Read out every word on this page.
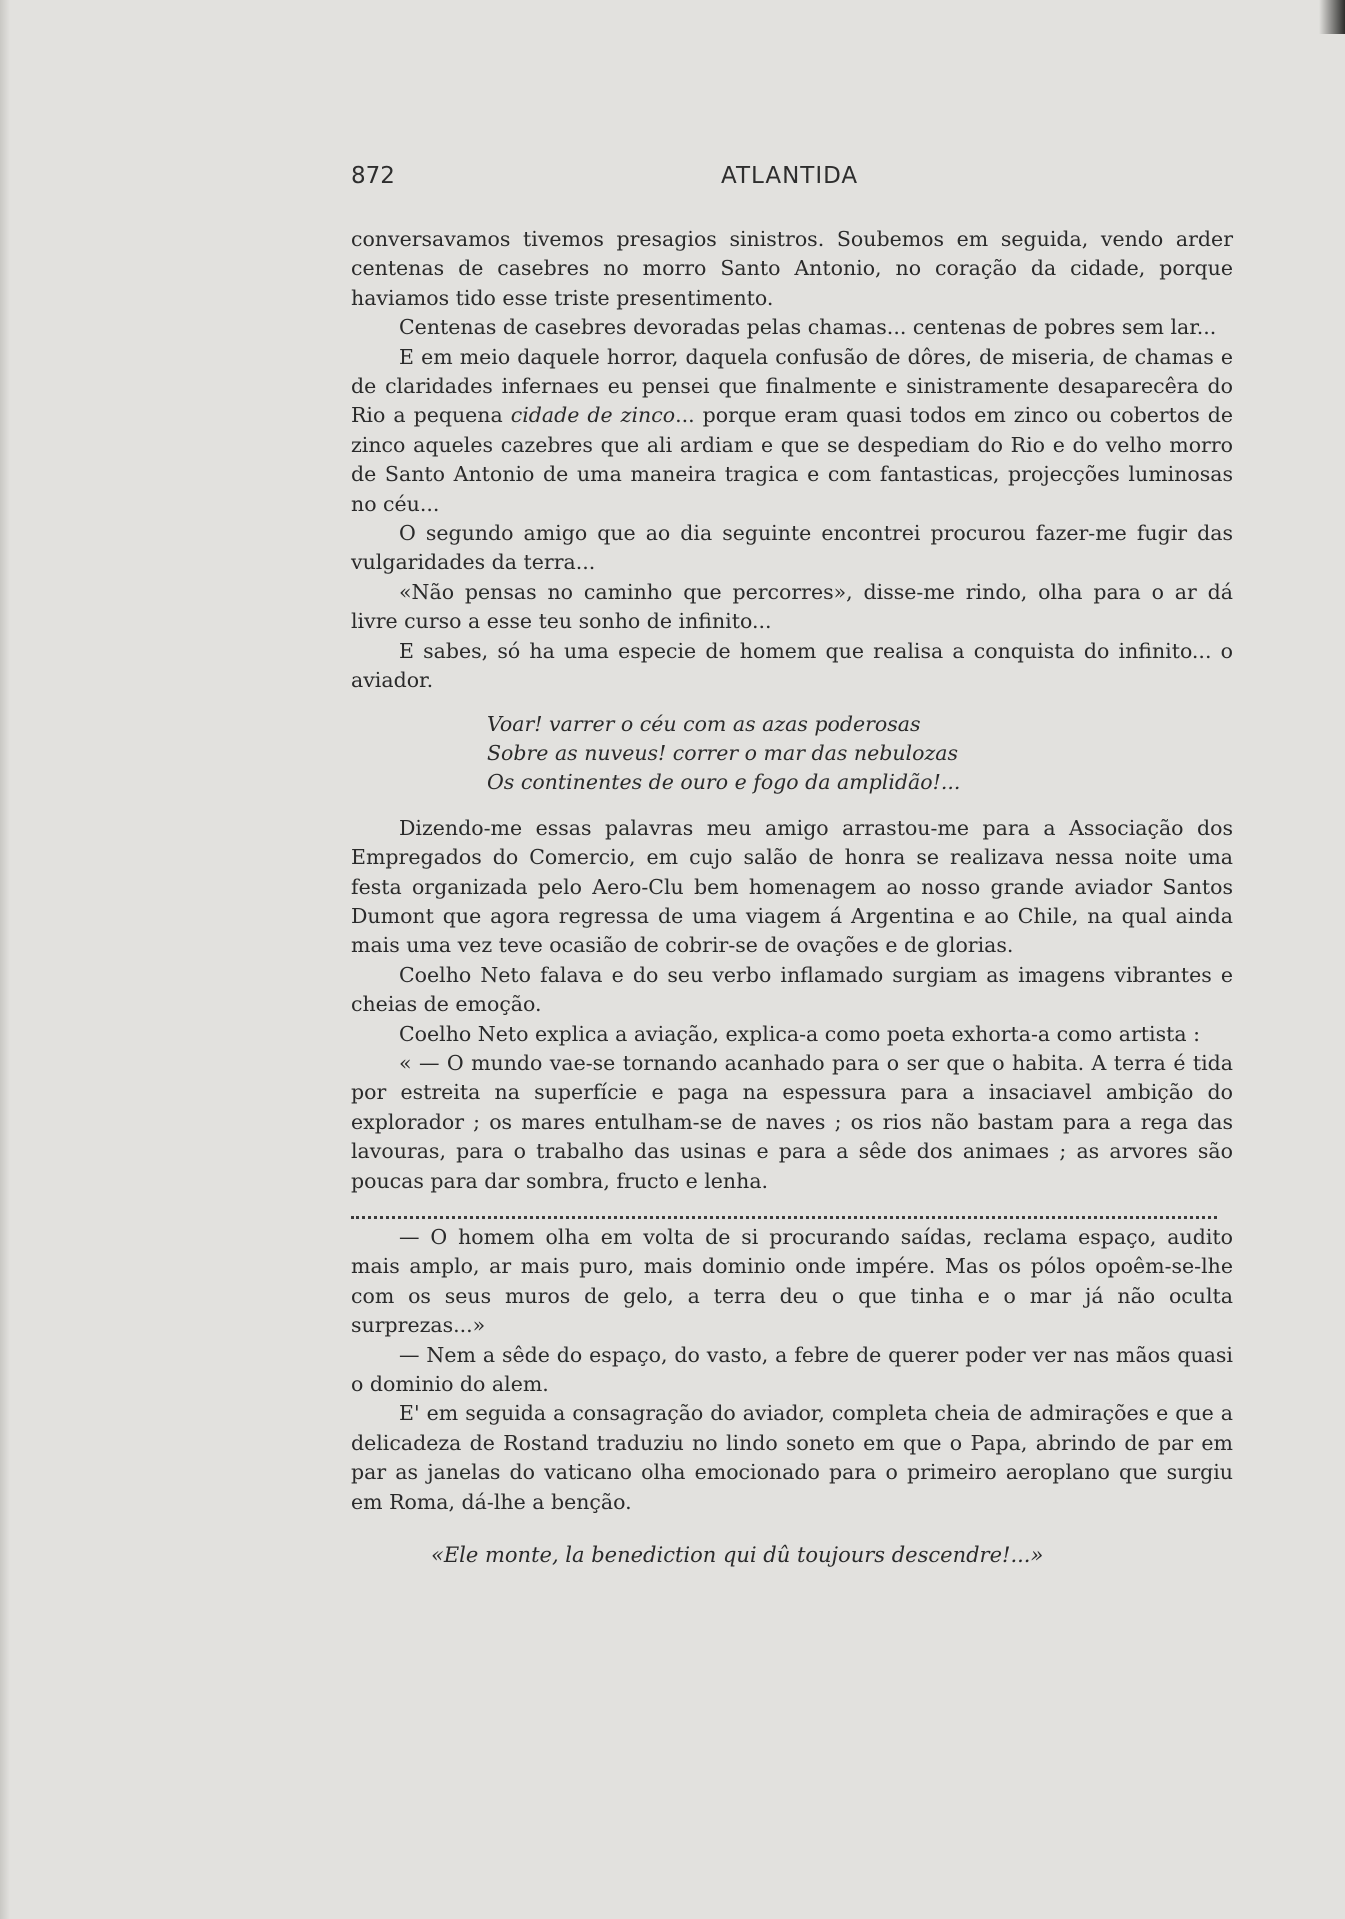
872	ATLANTIDA

conversavamos tivemos presagios sinistros. Soubemos em seguida, vendo arder centenas de casebres no morro Santo Antonio, no coração da cidade, porque haviamos tido esse triste presentimento.

Centenas de casebres devoradas pelas chamas... centenas de pobres sem lar...

E em meio daquele horror, daquela confusão de dôres, de miseria, de chamas e de claridades infernaes eu pensei que finalmente e sinistramente desaparecêra do Rio a pequena cidade de zinco... porque eram quasi todos em zinco ou cobertos de zinco aqueles cazebres que ali ardiam e que se despediam do Rio e do velho morro de Santo Antonio de uma maneira tragica e com fantasticas, projecções luminosas no céu...

O segundo amigo que ao dia seguinte encontrei procurou fazer-me fugir das vulgaridades da terra...

«Não pensas no caminho que percorres», disse-me rindo, olha para o ar dá livre curso a esse teu sonho de infinito...

E sabes, só ha uma especie de homem que realisa a conquista do infinito... o aviador.

Voar! varrer o céu com as azas poderosas
Sobre as nuveus! correr o mar das nebulozas
Os continentes de ouro e fogo da amplidão!...

Dizendo-me essas palavras meu amigo arrastou-me para a Associação dos Empregados do Comercio, em cujo salão de honra se realizava nessa noite uma festa organizada pelo Aero-Clu bem homenagem ao nosso grande aviador Santos Dumont que agora regressa de uma viagem á Argentina e ao Chile, na qual ainda mais uma vez teve ocasião de cobrir-se de ovações e de glorias.

Coelho Neto falava e do seu verbo inflamado surgiam as imagens vibrantes e cheias de emoção.

Coelho Neto explica a aviação, explica-a como poeta exhorta-a como artista :

« — O mundo vae-se tornando acanhado para o ser que o habita. A terra é tida por estreita na superfície e paga na espessura para a insaciavel ambição do explorador ; os mares entulham-se de naves ; os rios não bastam para a rega das lavouras, para o trabalho das usinas e para a sêde dos animaes ; as arvores são poucas para dar sombra, fructo e lenha.

— O homem olha em volta de si procurando saídas, reclama espaço, audito mais amplo, ar mais puro, mais dominio onde impére. Mas os pólos opoêm-se-lhe com os seus muros de gelo, a terra deu o que tinha e o mar já não oculta surprezas...»

— Nem a sêde do espaço, do vasto, a febre de querer poder ver nas mãos quasi o dominio do alem.

E' em seguida a consagração do aviador, completa cheia de admirações e que a delicadeza de Rostand traduziu no lindo soneto em que o Papa, abrindo de par em par as janelas do vaticano olha emocionado para o primeiro aeroplano que surgiu em Roma, dá-lhe a benção.

«Ele monte, la benediction qui dû toujours descendre!...»
